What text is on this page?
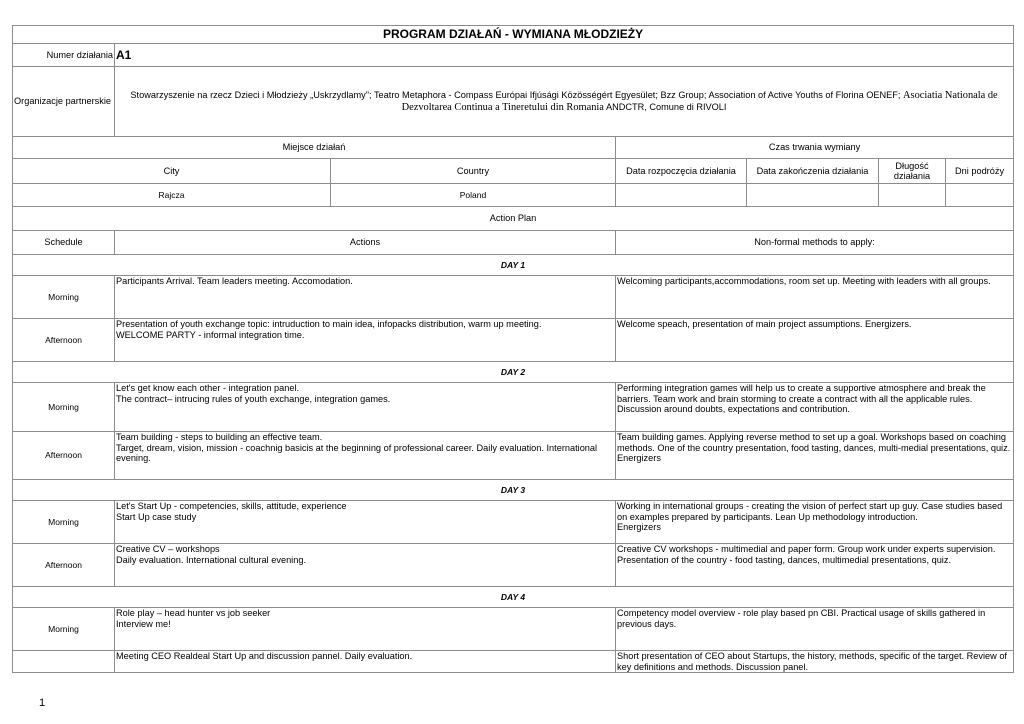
PROGRAM DZIAŁAŃ - WYMIANA MŁODZIEŻY						
Numer działania	A1					
Organizacje partnerskie	Stowarzyszenie na rzecz Dzieci i Młodzieży „Uskrzydlamy"; Teatro Metaphora - Compass Európai Ifjúsági Közösségért Egyesület; Bzz Group; Association of Active Youths of Florina OENEF; Asociatia Nationala de Dezvoltarea Continua a Tineretului din Romania ANDCTR, Comune di RIVOLI					
Miejsce działań			Czas trwania wymiany			
City		Country	Data rozpoczęcia działania	Data zakończenia działania	Długość działania	Dni podróży
Rajcza		Poland				
Action Plan						
Schedule	Actions		Non-formal methods to apply:			
DAY 1						
Morning	Participants Arrival. Team leaders meeting. Accomodation.		Welcoming participants,accommodations, room set up. Meeting with leaders with all groups.			

Afternoon	Presentation of youth exchange topic: intruduction to main idea, infopacks distribution, warm up meeting.
WELCOME PARTY - informal integration time.		Welcome speach, presentation of main project assumptions. Energizers.			

DAY 2						
Morning	Let's get know each other - integration panel.
The contract– intrucing rules of youth exchange, integration games.		Performing integration games will help us to create a supportive atmosphere and break the barriers. Team work and brain storming to create a contract with all the applicable rules. Discussion around doubts, expectations and contribution.			

Afternoon	Team building - steps to building an effective team.
Target, dream, vision, mission - coachnig basicis at the beginning of professional career. Daily evaluation. International evening.		Team building games. Applying reverse method to set up a goal. Workshops based on coaching methods. One of the country presentation, food tasting, dances, multi-medial presentations, quiz. Energizers			

DAY 3						
Morning	Let's Start Up - competencies, skills, attitude, experience
Start Up case study		Working in international groups - creating the vision of perfect start up guy. Case studies based on examples prepared by participants. Lean Up methodology introduction.
Energizers			

Afternoon	Creative CV – workshops
Daily evaluation. International cultural evening.		Creative CV workshops - multimedial and paper form. Group work under experts supervision. Presentation of the country - food tasting, dances, multimedial presentations, quiz.			

DAY 4						
Morning	Role play – head hunter vs job seeker
Interview me!		Competency model overview - role play based pn CBI. Practical usage of skills gathered in previous days.			

	Meeting CEO Realdeal Start Up and discussion pannel. Daily evaluation.		Short presentation of CEO about Startups, the history, methods, specific of the target. Review of key definitions and methods. Discussion panel.			
1
